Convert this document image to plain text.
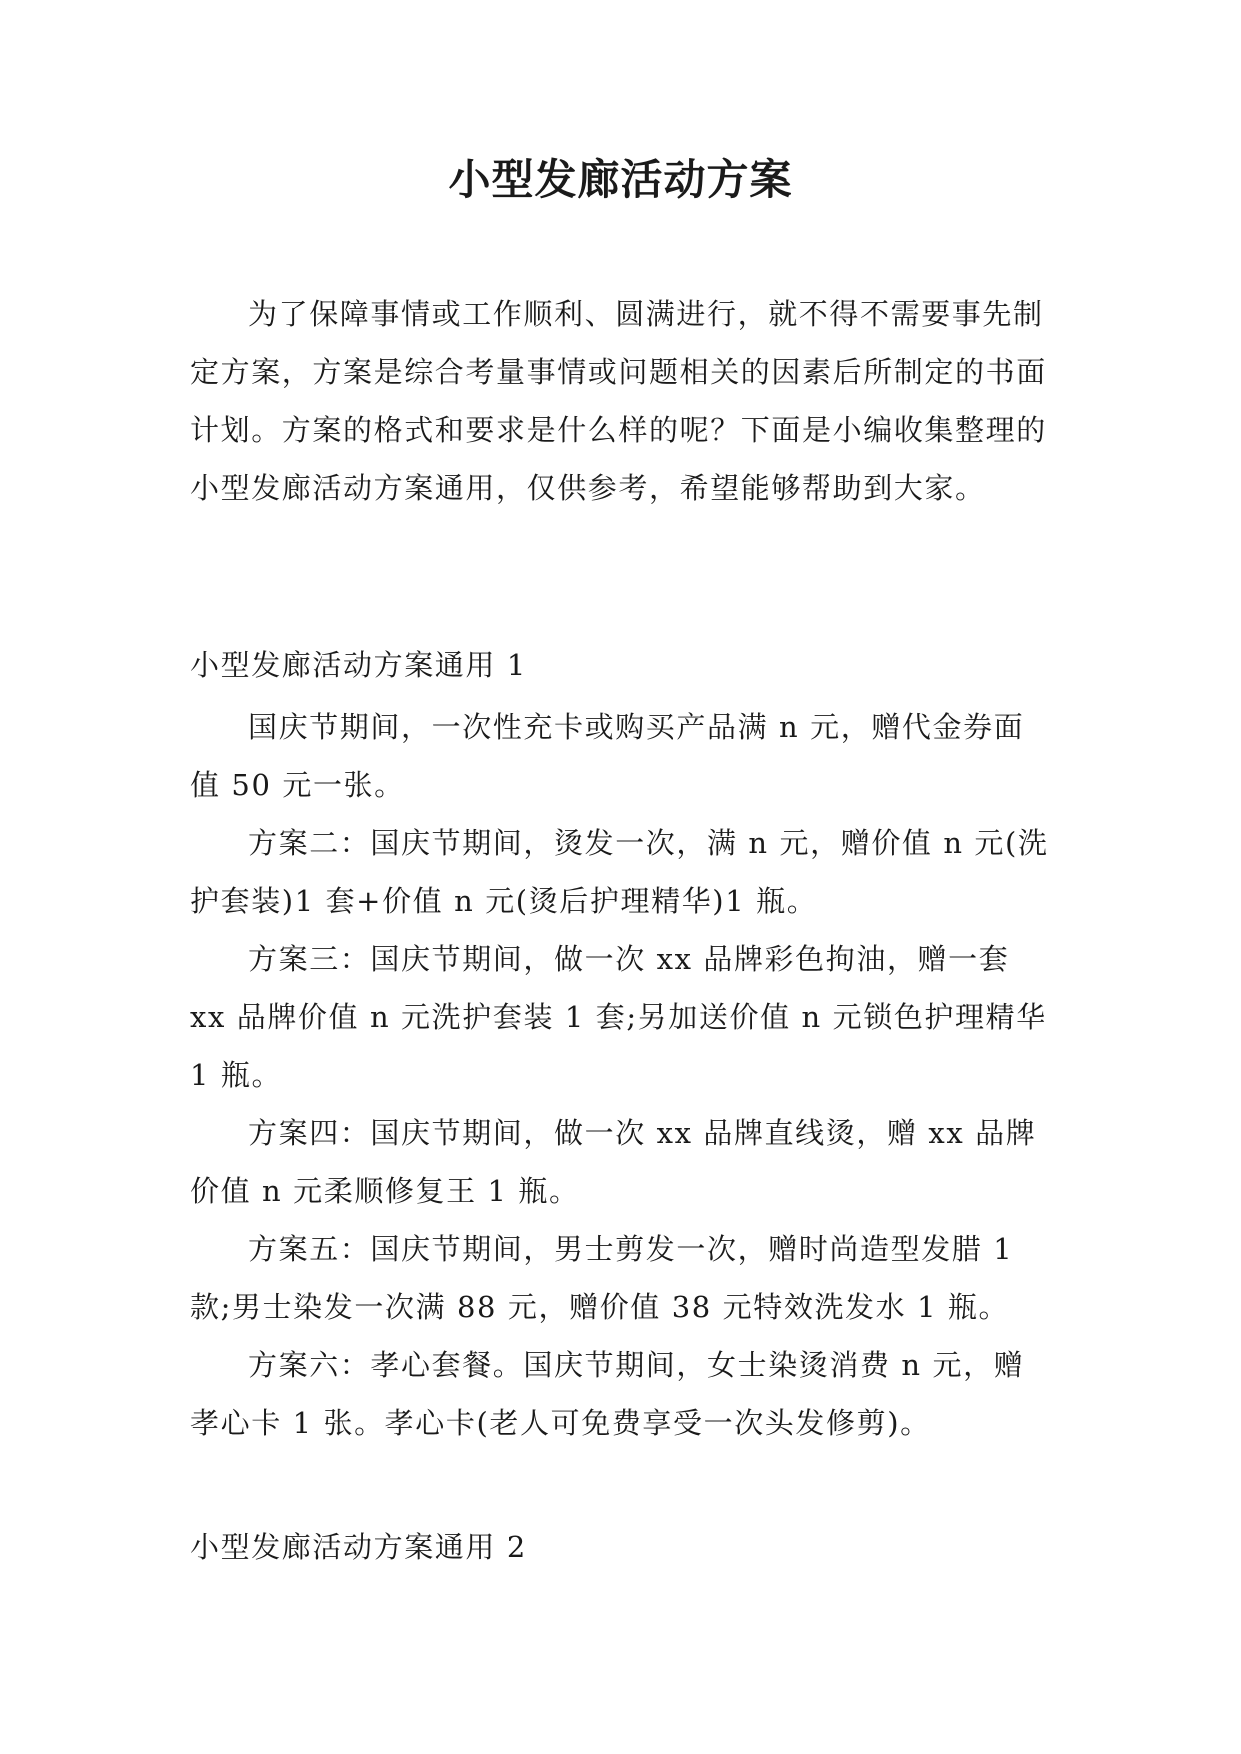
小型发廊活动方案

为了保障事情或工作顺利、圆满进行，就不得不需要事先制定方案，方案是综合考量事情或问题相关的因素后所制定的书面计划。方案的格式和要求是什么样的呢？下面是小编收集整理的小型发廊活动方案通用，仅供参考，希望能够帮助到大家。

小型发廊活动方案通用 1

国庆节期间，一次性充卡或购买产品满 n 元，赠代金券面值 50 元一张。

方案二：国庆节期间，烫发一次，满 n 元，赠价值 n 元(洗护套装)1 套+价值 n 元(烫后护理精华)1 瓶。

方案三：国庆节期间，做一次 xx 品牌彩色拘油，赠一套 xx 品牌价值 n 元洗护套装 1 套;另加送价值 n 元锁色护理精华 1 瓶。

方案四：国庆节期间，做一次 xx 品牌直线烫，赠 xx 品牌价值 n 元柔顺修复王 1 瓶。

方案五：国庆节期间，男士剪发一次，赠时尚造型发腊 1 款;男士染发一次满 88 元，赠价值 38 元特效洗发水 1 瓶。

方案六：孝心套餐。国庆节期间，女士染烫消费 n 元，赠孝心卡 1 张。孝心卡(老人可免费享受一次头发修剪)。

小型发廊活动方案通用 2
